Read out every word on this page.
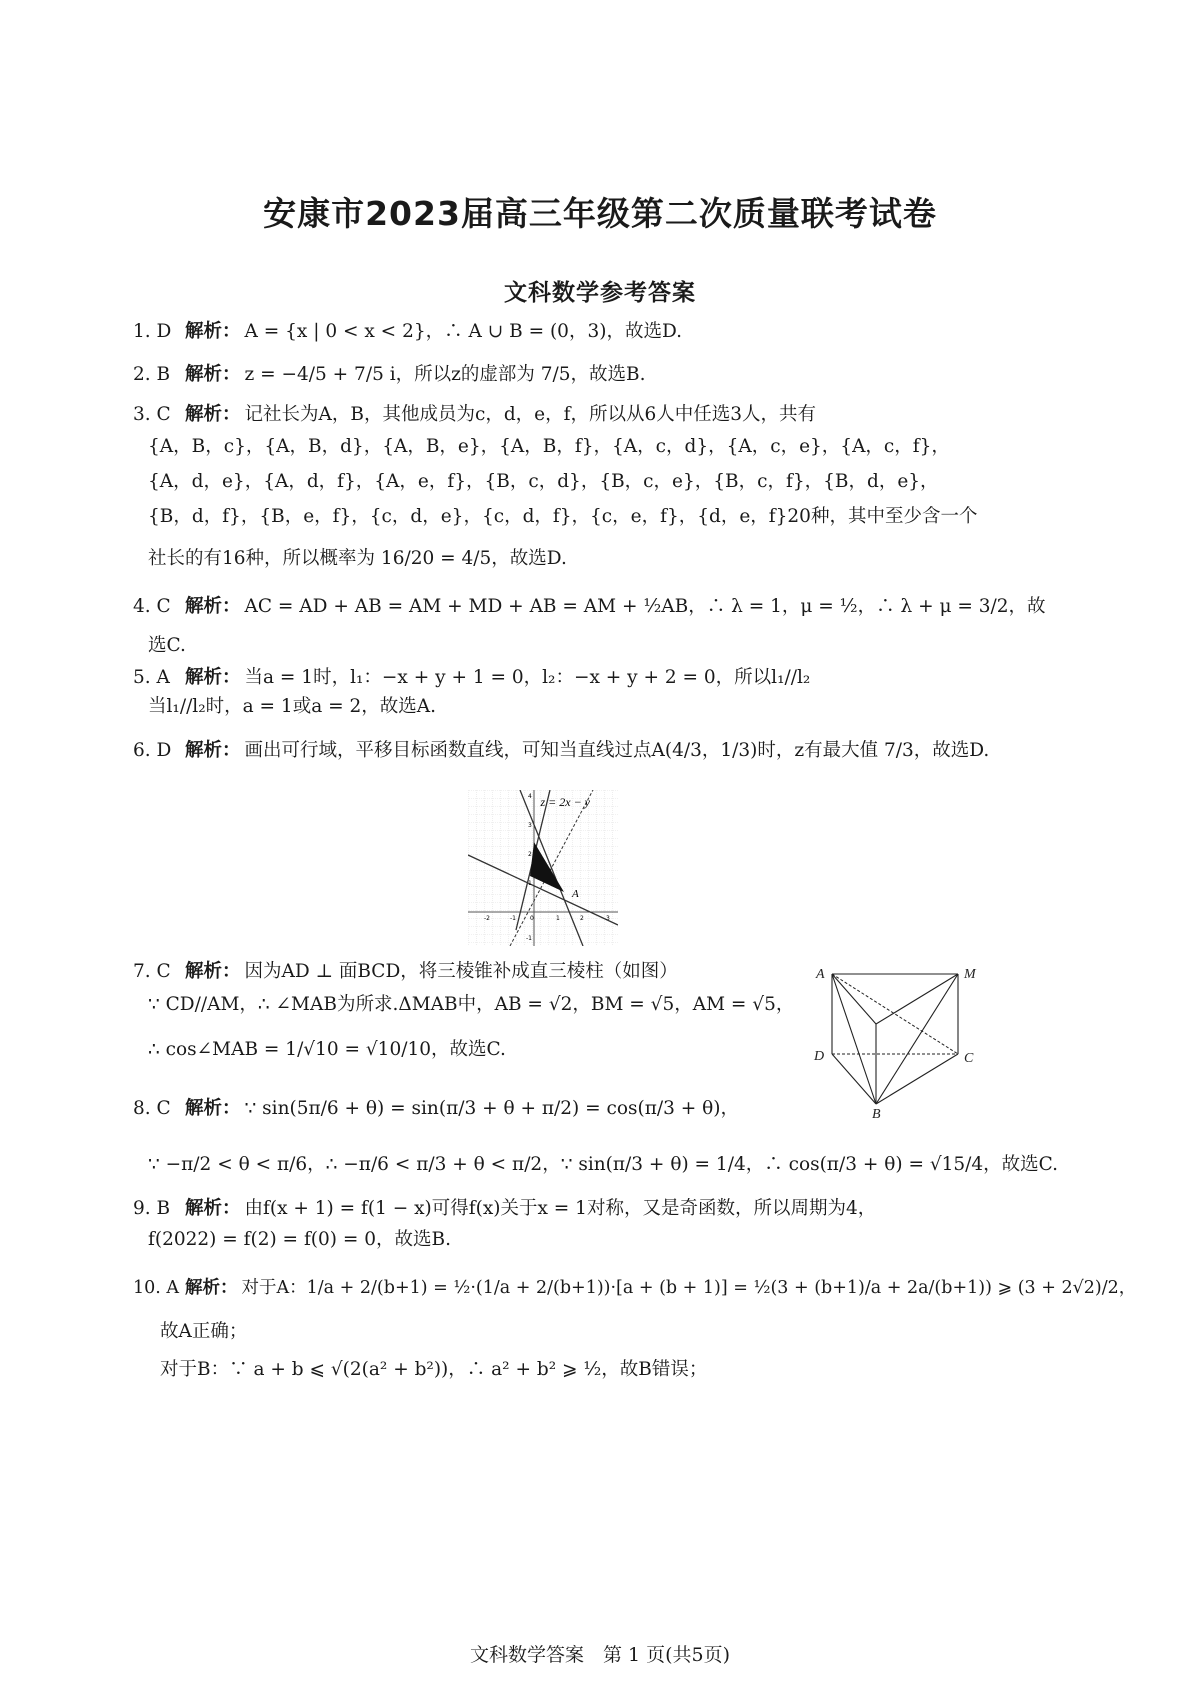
安康市2023届高三年级第二次质量联考试卷
文科数学参考答案
1. D 解析： A = {x | 0 < x < 2}，∴ A ∪ B = (0，3)，故选D.
2. B 解析： z = −4/5 + 7/5 i，所以z的虚部为 7/5，故选B.
3. C 解析： 记社长为A，B，其他成员为c，d，e，f，所以从6人中任选3人，共有
{A，B，c}，{A，B，d}，{A，B，e}，{A，B，f}，{A，c，d}，{A，c，e}，{A，c，f}，
{A，d，e}，{A，d，f}，{A，e，f}，{B，c，d}，{B，c，e}，{B，c，f}，{B，d，e}，
{B，d，f}，{B，e，f}，{c，d，e}，{c，d，f}，{c，e，f}，{d，e，f}20种，其中至少含一个
社长的有16种，所以概率为 16/20 = 4/5，故选D.
4. C 解析： AC = AD + AB = AM + MD + AB = AM + ½AB，∴ λ = 1，μ = ½，∴ λ + μ = 3/2，故
选C.
5. A 解析： 当a = 1时，l₁：−x + y + 1 = 0，l₂：−x + y + 2 = 0，所以l₁//l₂
当l₁//l₂时，a = 1或a = 2，故选A.
6. D 解析： 画出可行域，平移目标函数直线，可知当直线过点A(4/3，1/3)时，z有最大值 7/3，故选D.
z = 2x − y
A
-2	-1 0	1	2	3
4
3
2
1
-1
7. C 解析： 因为AD ⊥ 面BCD，将三棱锥补成直三棱柱（如图）
∵ CD//AM，∴ ∠MAB为所求.ΔMAB中，AB = √2，BM = √5，AM = √5，
∴ cos∠MAB = 1/√10 = √10/10，故选C.
A	M
D	C
B
8. C 解析： ∵ sin(5π/6 + θ) = sin(π/3 + θ + π/2) = cos(π/3 + θ)，
∵ −π/2 < θ < π/6，∴ −π/6 < π/3 + θ < π/2，∵ sin(π/3 + θ) = 1/4，∴ cos(π/3 + θ) = √15/4，故选C.
9. B 解析： 由f(x + 1) = f(1 − x)可得f(x)关于x = 1对称，又是奇函数，所以周期为4，
f(2022) = f(2) = f(0) = 0，故选B.
10. A 解析： 对于A：1/a + 2/(b+1) = ½·(1/a + 2/(b+1))·[a + (b + 1)] = ½(3 + (b+1)/a + 2a/(b+1)) ⩾ (3 + 2√2)/2，
故A正确；
对于B：∵ a + b ⩽ √(2(a² + b²))，∴ a² + b² ⩾ ½，故B错误；
文科数学答案　第 1 页(共5页)
